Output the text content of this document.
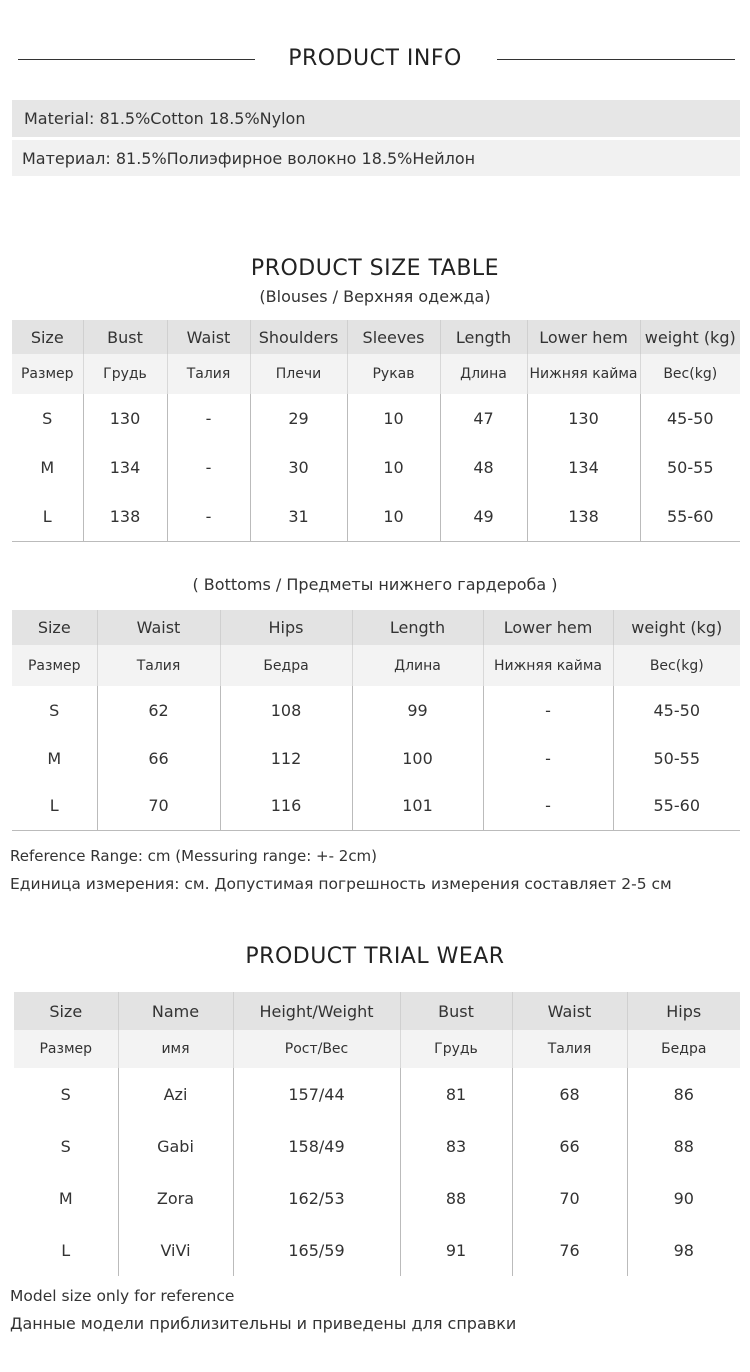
PRODUCT INFO
Material: 81.5%Cotton 18.5%Nylon
Материал: 81.5%Полиэфирное волокно 18.5%Нейлон
PRODUCT SIZE TABLE
(Blouses / Верхняя одежда)
Size	Bust	Waist	Shoulders	Sleeves	Length	Lower hem	weight (kg)
Размер	Грудь	Талия	Плечи	Рукав	Длина	Нижняя кайма	Вес(kg)
S	130	-	29	10	47	130	45-50
M	134	-	30	10	48	134	50-55
L	138	-	31	10	49	138	55-60
( Bottoms / Предметы нижнего гардероба )
Size	Waist	Hips	Length	Lower hem	weight (kg)
Размер	Талия	Бедра	Длина	Нижняя кайма	Вес(kg)
S	62	108	99	-	45-50
M	66	112	100	-	50-55
L	70	116	101	-	55-60
Reference Range: cm (Messuring range: +- 2cm)
Единица измерения: см. Допустимая погрешность измерения составляет 2-5 см
PRODUCT TRIAL WEAR
Size	Name	Height/Weight	Bust	Waist	Hips
Размер	имя	Рост/Вес	Грудь	Талия	Бедра
S	Azi	157/44	81	68	86
S	Gabi	158/49	83	66	88
M	Zora	162/53	88	70	90
L	ViVi	165/59	91	76	98
Model size only for reference
Данные модели приблизительны и приведены для справки
